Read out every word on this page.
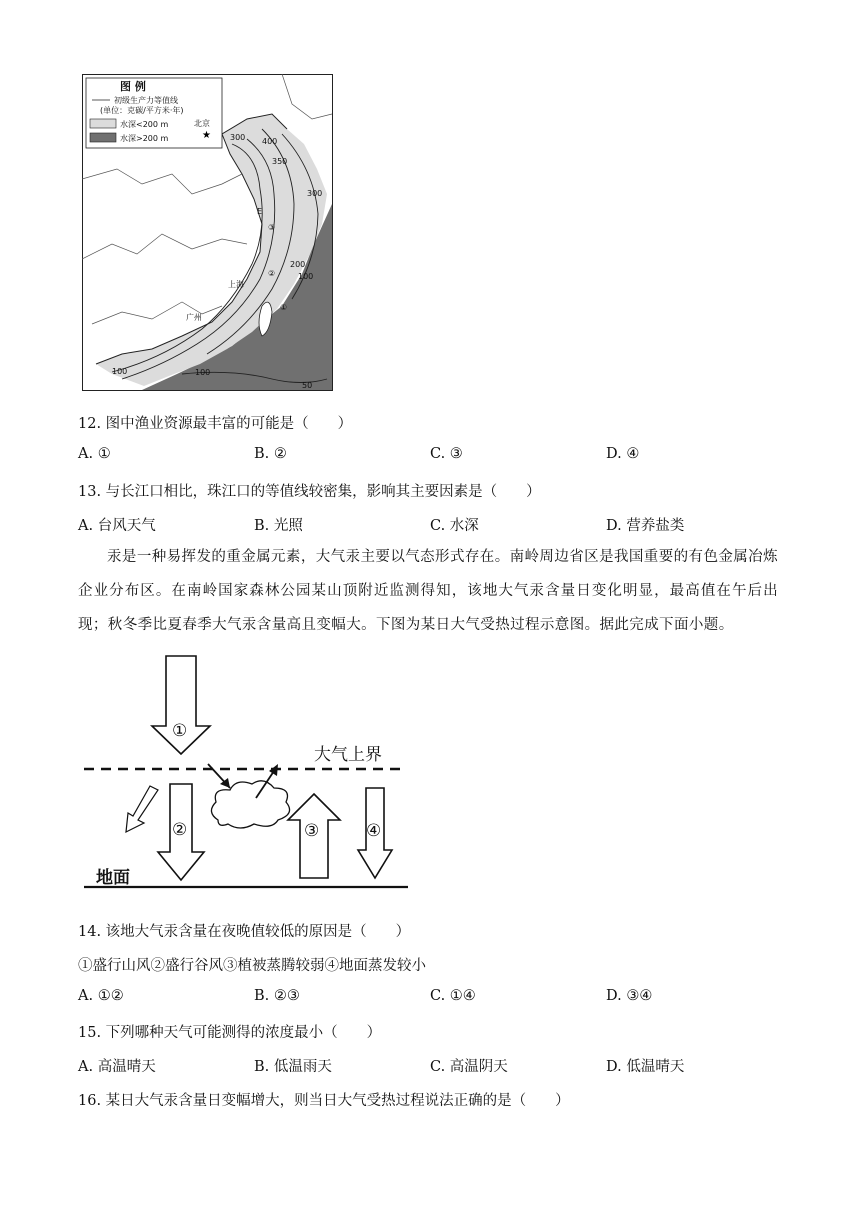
图 例
初级生产力等值线
(单位：克碳/平方米·年)
水深<200 m
水深>200 m
北京
★
上海
广州
E
300 400
350
300
200
100
100	100
50
①
②
③
12. 图中渔业资源最丰富的可能是（　　）
A. ①	B. ②	C. ③	D. ④
13. 与长江口相比，珠江口的等值线较密集，影响其主要因素是（　　）
A. 台风天气	B. 光照	C. 水深	D. 营养盐类

汞是一种易挥发的重金属元素，大气汞主要以气态形式存在。南岭周边省区是我国重要的有色金属冶炼企业分布区。在南岭国家森林公园某山顶附近监测得知，该地大气汞含量日变化明显，最高值在午后出现；秋冬季比夏春季大气汞含量高且变幅大。下图为某日大气受热过程示意图。据此完成下面小题。

①
大气上界
②	③	④
地面
14. 该地大气汞含量在夜晚值较低的原因是（　　）
①盛行山风②盛行谷风③植被蒸腾较弱④地面蒸发较小
A. ①②	B. ②③	C. ①④	D. ③④
15. 下列哪种天气可能测得的浓度最小（　　）
A. 高温晴天	B. 低温雨天	C. 高温阴天	D. 低温晴天
16. 某日大气汞含量日变幅增大，则当日大气受热过程说法正确的是（　　）
